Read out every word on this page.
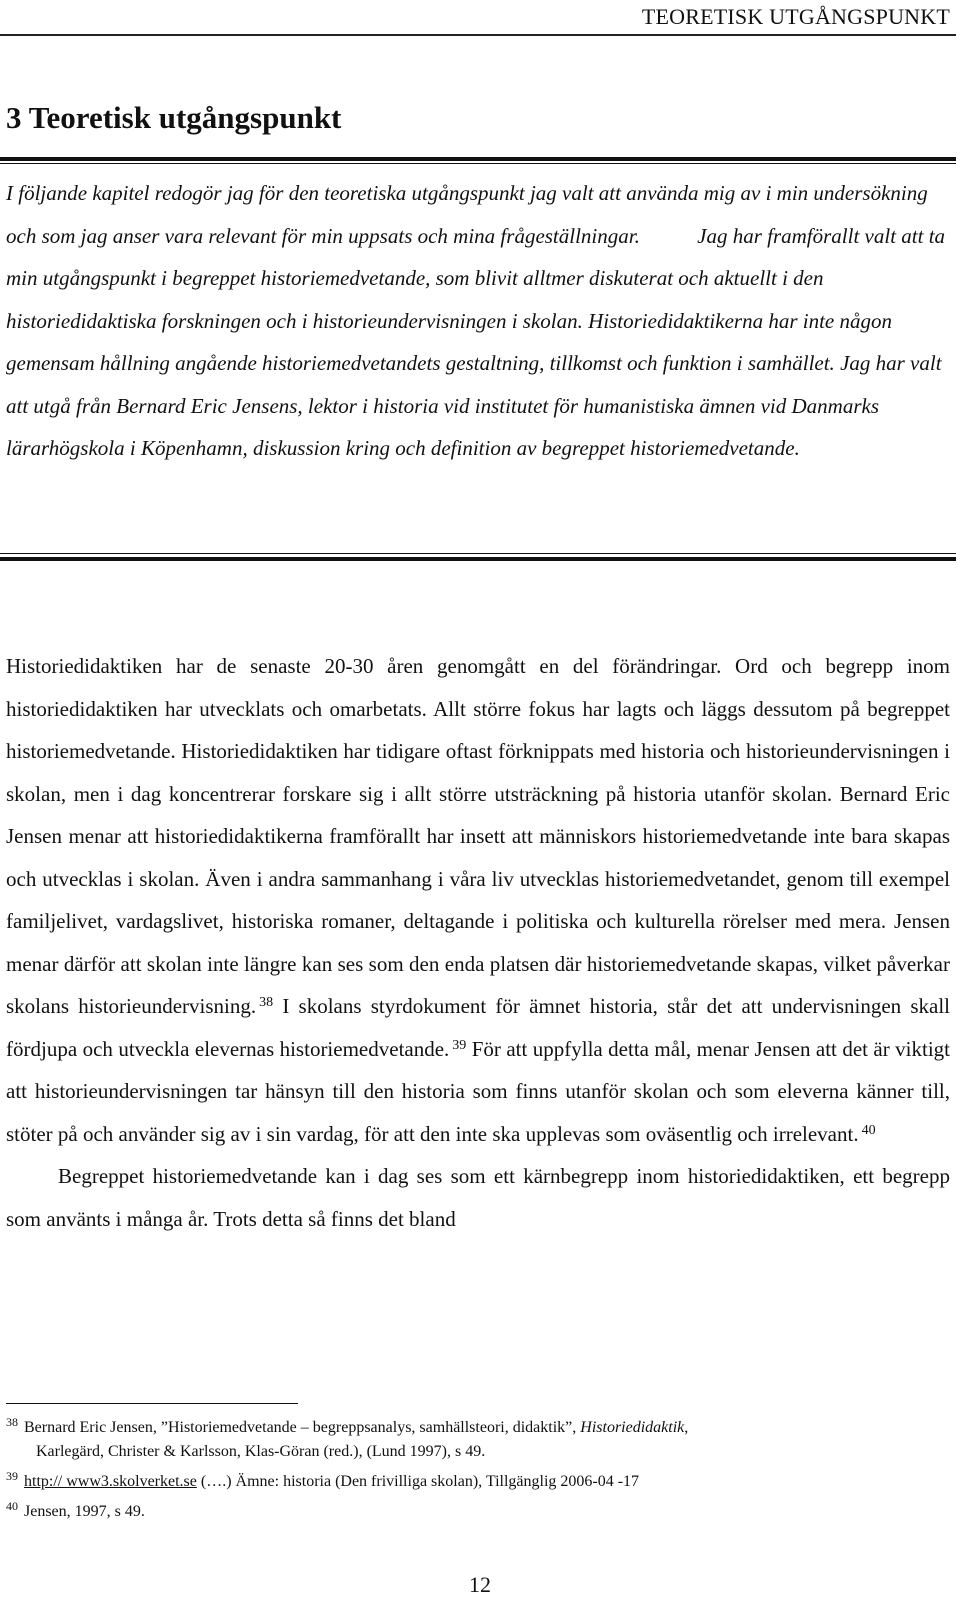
TEORETISK UTGÅNGSPUNKT
3 Teoretisk utgångspunkt

I följande kapitel redogör jag för den teoretiska utgångspunkt jag valt att använda mig av i min undersökning och som jag anser vara relevant för min uppsats och mina frågeställningar.	Jag har framförallt valt att ta min utgångspunkt i begreppet historiemedvetande, som blivit alltmer diskuterat och aktuellt i den historiedidaktiska forskningen och i historieundervisningen i skolan. Historiedidaktikerna har inte någon gemensam hållning angående historiemedvetandets gestaltning, tillkomst och funktion i samhället. Jag har valt att utgå från Bernard Eric Jensens, lektor i historia vid institutet för humanistiska ämnen vid Danmarks lärarhögskola i Köpenhamn, diskussion kring och definition av begreppet historiemedvetande.

Historiedidaktiken har de senaste 20-30 åren genomgått en del förändringar. Ord och begrepp inom historiedidaktiken har utvecklats och omarbetats. Allt större fokus har lagts och läggs dessutom på begreppet historiemedvetande. Historiedidaktiken har tidigare oftast förknippats med historia och historieundervisningen i skolan, men i dag koncentrerar forskare sig i allt större utsträckning på historia utanför skolan. Bernard Eric Jensen menar att historiedidaktikerna framförallt har insett att människors historiemedvetande inte bara skapas och utvecklas i skolan. Även i andra sammanhang i våra liv utvecklas historiemedvetandet, genom till exempel familjelivet, vardagslivet, historiska romaner, deltagande i politiska och kulturella rörelser med mera. Jensen menar därför att skolan inte längre kan ses som den enda platsen där historiemedvetande skapas, vilket påverkar skolans historieundervisning. $^{38}$ I skolans styrdokument för ämnet historia, står det att undervisningen skall fördjupa och utveckla elevernas historiemedvetande. $^{39}$ För att uppfylla detta mål, menar Jensen att det är viktigt att historieundervisningen tar hänsyn till den historia som finns utanför skolan och som eleverna känner till, stöter på och använder sig av i sin vardag, för att den inte ska upplevas som oväsentlig och irrelevant. $^{40}$
Begreppet historiemedvetande kan i dag ses som ett kärnbegrepp inom historiedidaktiken, ett begrepp som använts i många år. Trots detta så finns det bland
$^{38}$ Bernard Eric Jensen, ”Historiemedvetande – begreppsanalys, samhällsteori, didaktik”, Historiedidaktik,
Karlegärd, Christer & Karlsson, Klas-Göran (red.), (Lund 1997), s 49.
$^{39}$ http:// www3.skolverket.se (….) Ämne: historia (Den frivilliga skolan), Tillgänglig 2006-04 -17
$^{40}$ Jensen, 1997, s 49.
12
